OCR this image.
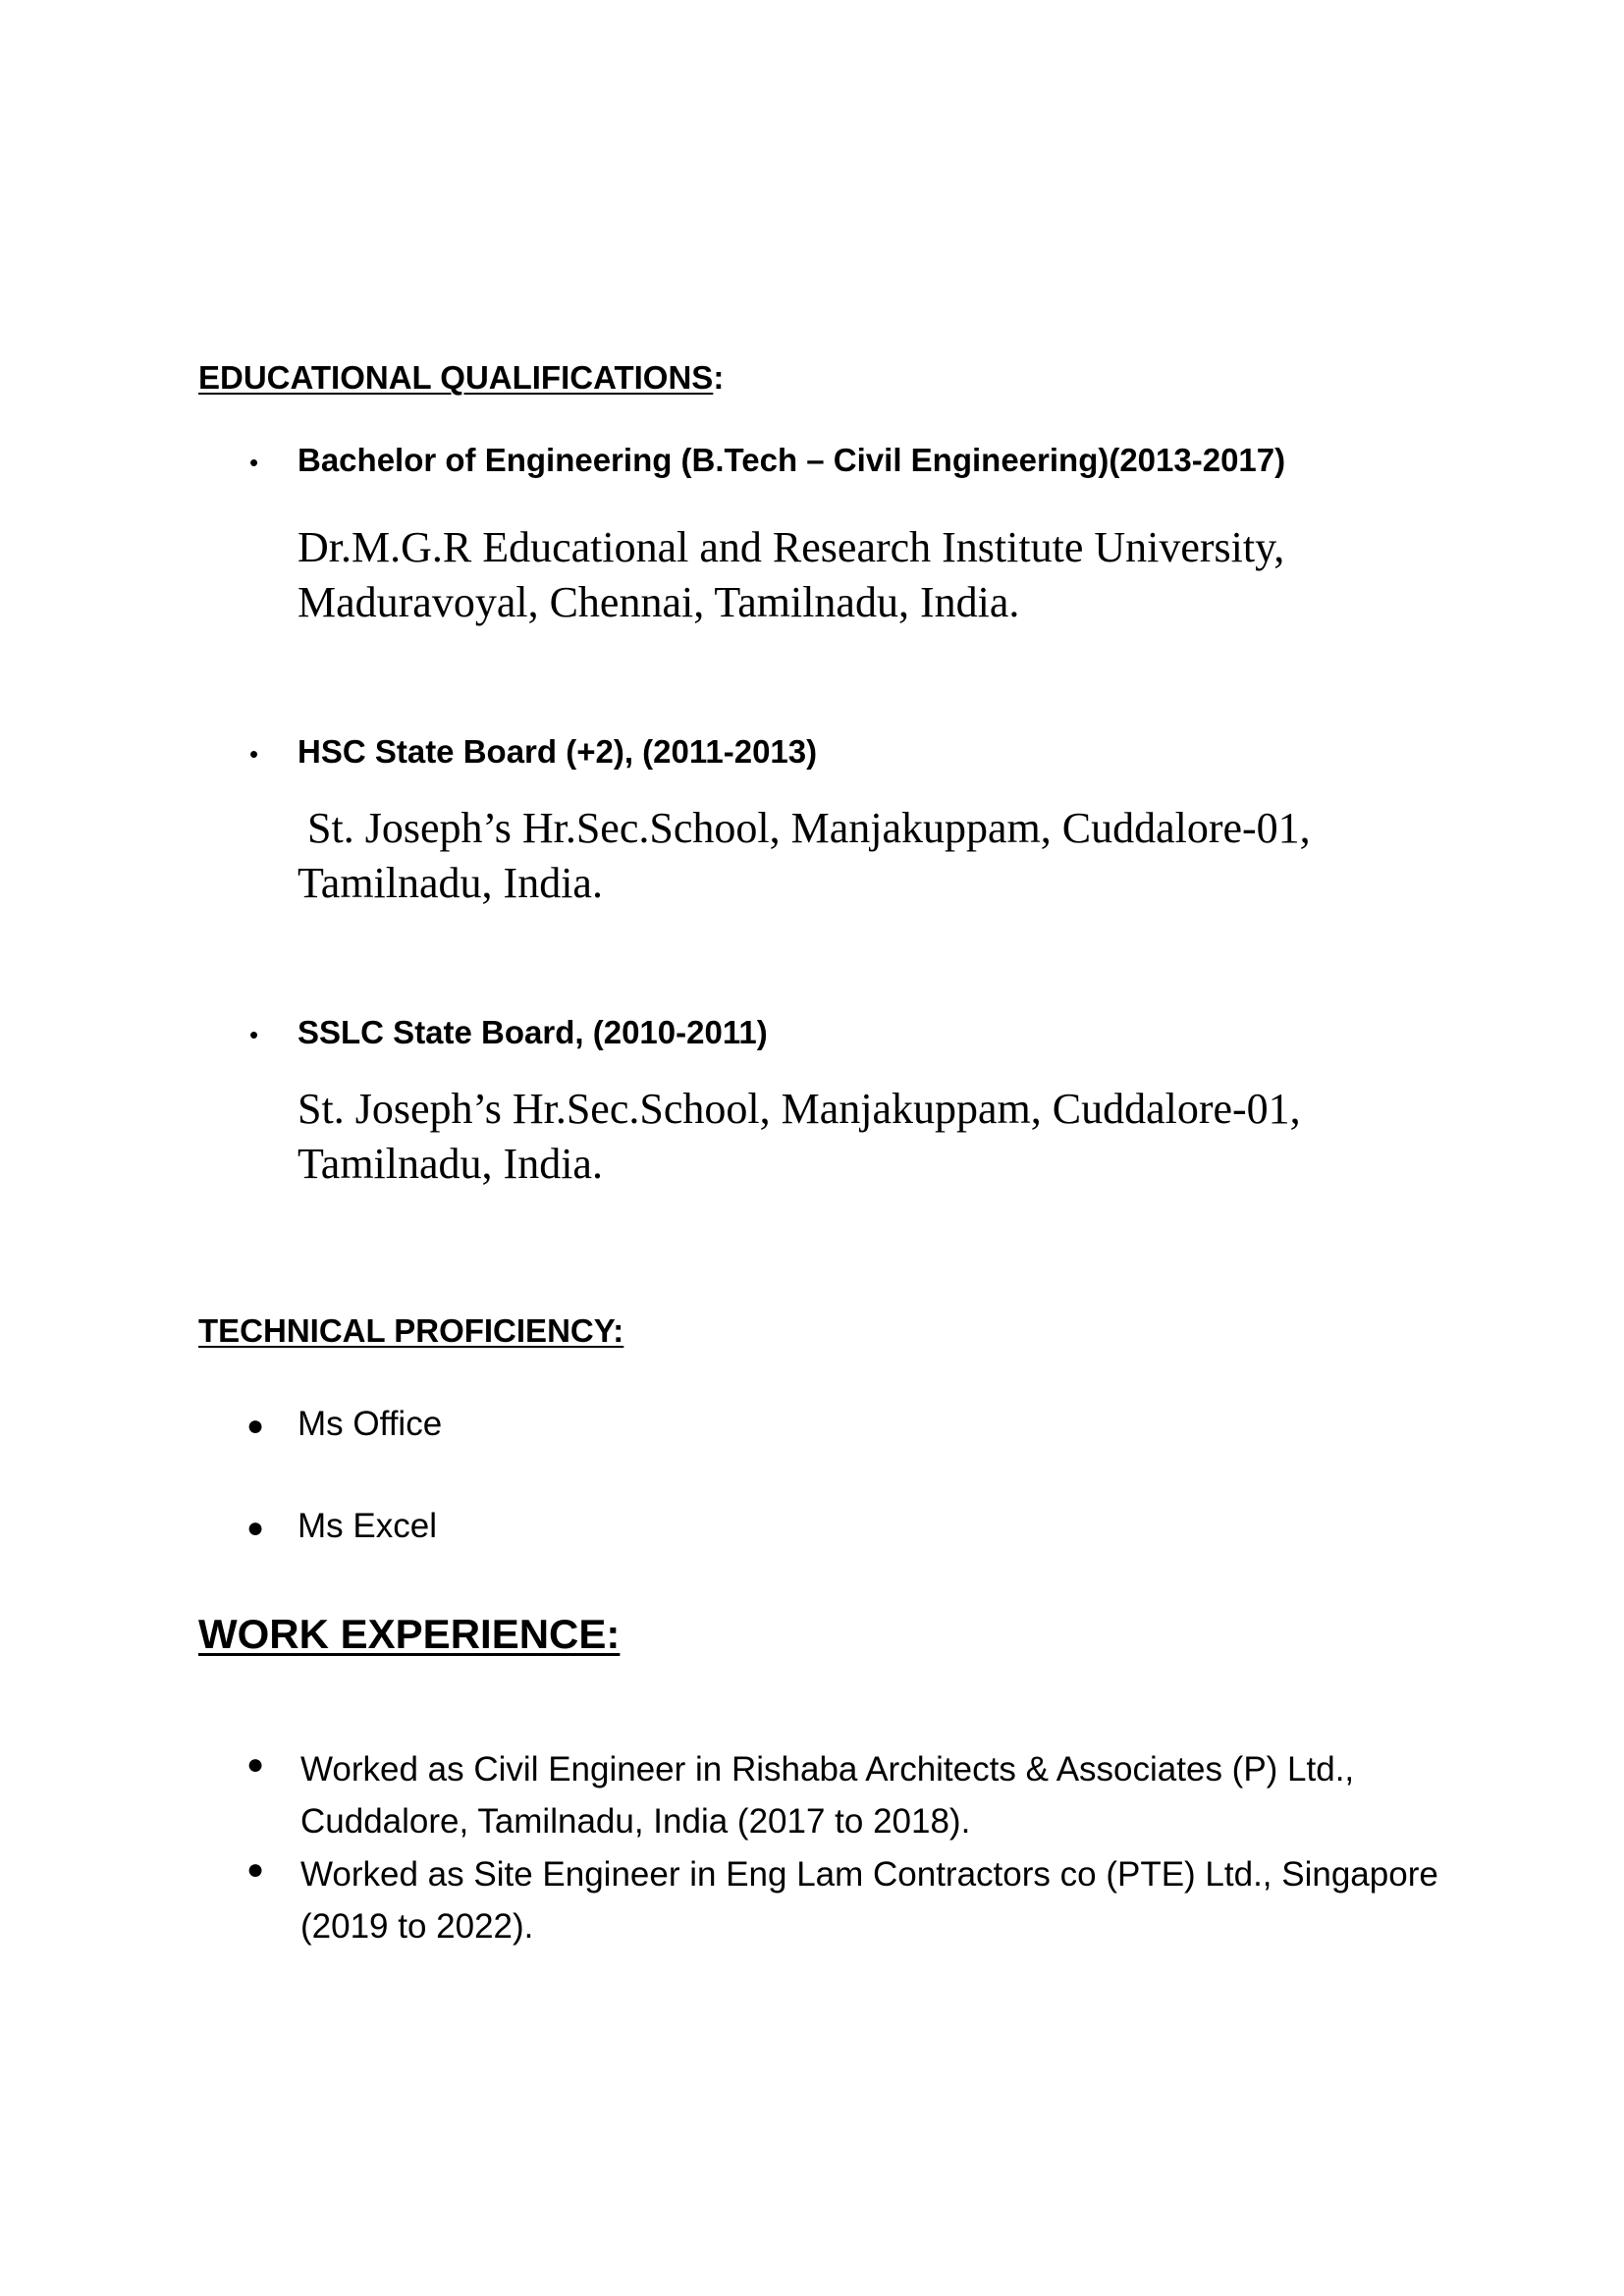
EDUCATIONAL QUALIFICATIONS:

• Bachelor of Engineering (B.Tech – Civil Engineering)(2013-2017)

Dr.M.G.R Educational and Research Institute University,
Maduravoyal, Chennai, Tamilnadu, India.
• HSC State Board (+2), (2011-2013)

St. Joseph’s Hr.Sec.School, Manjakuppam, Cuddalore-01,
Tamilnadu, India.
• SSLC State Board, (2010-2011)

St. Joseph’s Hr.Sec.School, Manjakuppam, Cuddalore-01,
Tamilnadu, India.

TECHNICAL PROFICIENCY:

● Ms Office

● Ms Excel

WORK EXPERIENCE:

● Worked as Civil Engineer in Rishaba Architects & Associates (P) Ltd.,
Cuddalore, Tamilnadu, India (2017 to 2018).
● Worked as Site Engineer in Eng Lam Contractors co (PTE) Ltd., Singapore
(2019 to 2022).
